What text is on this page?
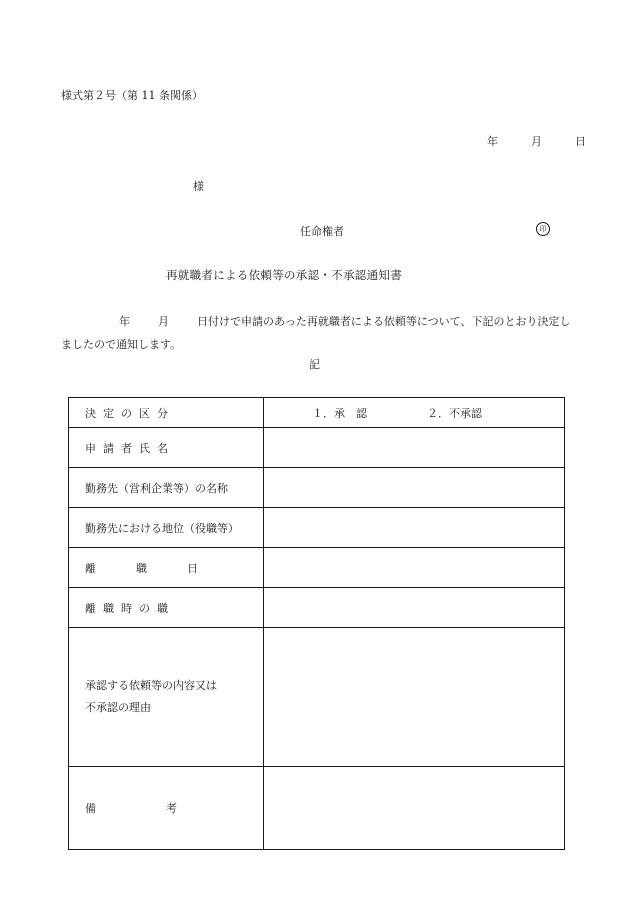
様式第２号（第 11 条関係）
年	月	日
様
任命権者	印
再就職者による依頼等の承認・不承認通知書
年	月	日付けで申請のあった再就職者による依頼等について、下記のとおり決定しましたので通知します。
記
決定の区分	１．承　認 ２．不承認
申請者氏名	
勤務先（営利企業等）の名称	
勤務先における地位（役職等）	
離 職 日	
離職時の職	

承認する依頼等の内容又は
不承認の理由	

備 考	
